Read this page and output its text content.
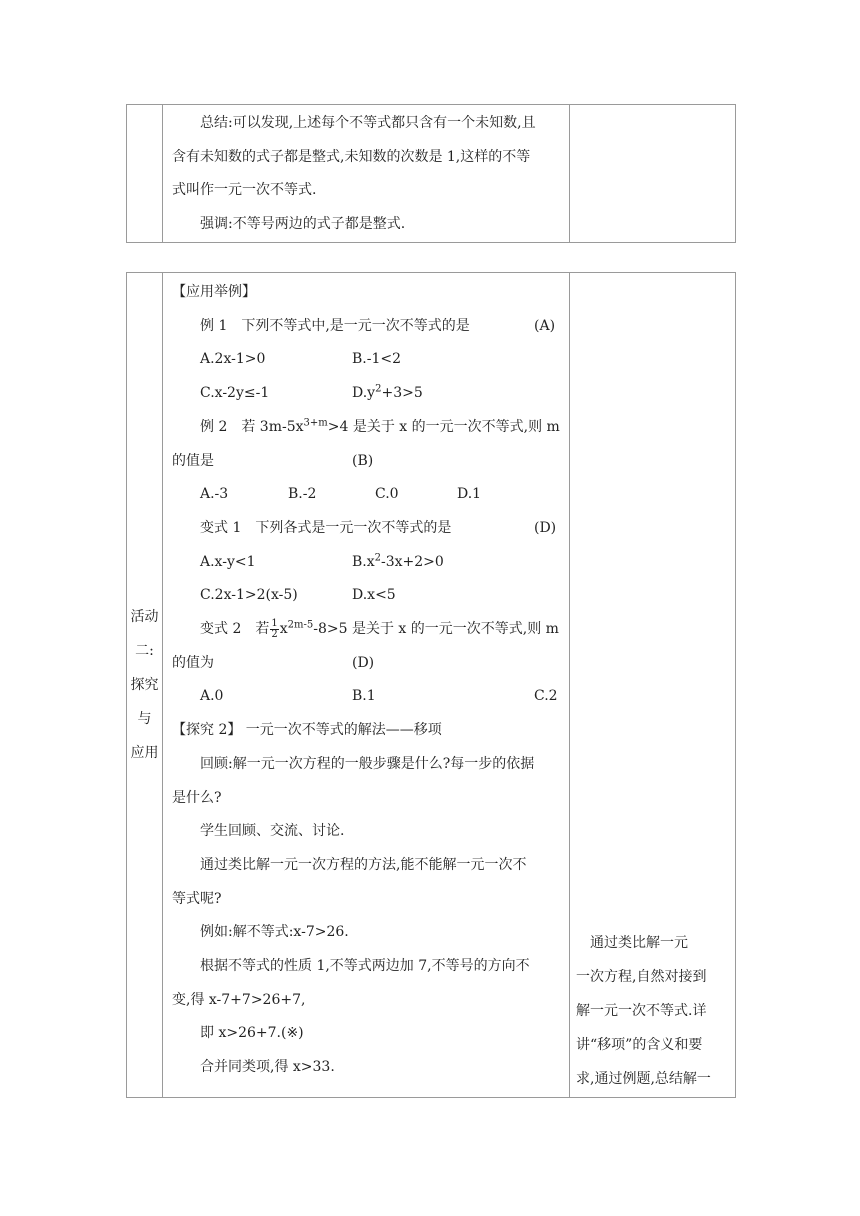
总结:可以发现,上述每个不等式都只含有一个未知数,且

含有未知数的式子都是整式,未知数的次数是 1,这样的不等

式叫作一元一次不等式.

强调:不等号两边的式子都是整式.

活动
二:
探究
与
应用

【应用举例】

例 1　下列不等式中,是一元一次不等式的是	(A)
A.2x-1>0	B.-1<2
C.x-2y≤-1	$D.y^2+3>5$
例 2　若 $3m-5x^{3+m}>4$ 是关于 x 的一元一次不等式,则 m
的值是	(B)
A.-3	B.-2	C.0	D.1
变式 1　下列各式是一元一次不等式的是	(D)
A.x-y<1	$B.x^2-3x+2>0$
C.2x-1>2(x-5)	D.x<5
变式 2　若 $\frac{1}{2} x^{2m-5}-8>5$ 是关于 x 的一元一次不等式,则 m
的值为	(D)
A.0	B.1	C.2

【探究 2】 一元一次不等式的解法——移项

回顾:解一元一次方程的一般步骤是什么?每一步的依据

是什么?

学生回顾、交流、讨论.

通过类比解一元一次方程的方法,能不能解一元一次不

等式呢?

例如:解不等式:x-7>26.

根据不等式的性质 1,不等式两边加 7,不等号的方向不

变,得 x-7+7>26+7,

即 x>26+7.(※)

合并同类项,得 x>33.

　通过类比解一元
一次方程,自然对接到
解一元一次不等式.详
讲“移项”的含义和要
求,通过例题,总结解一
